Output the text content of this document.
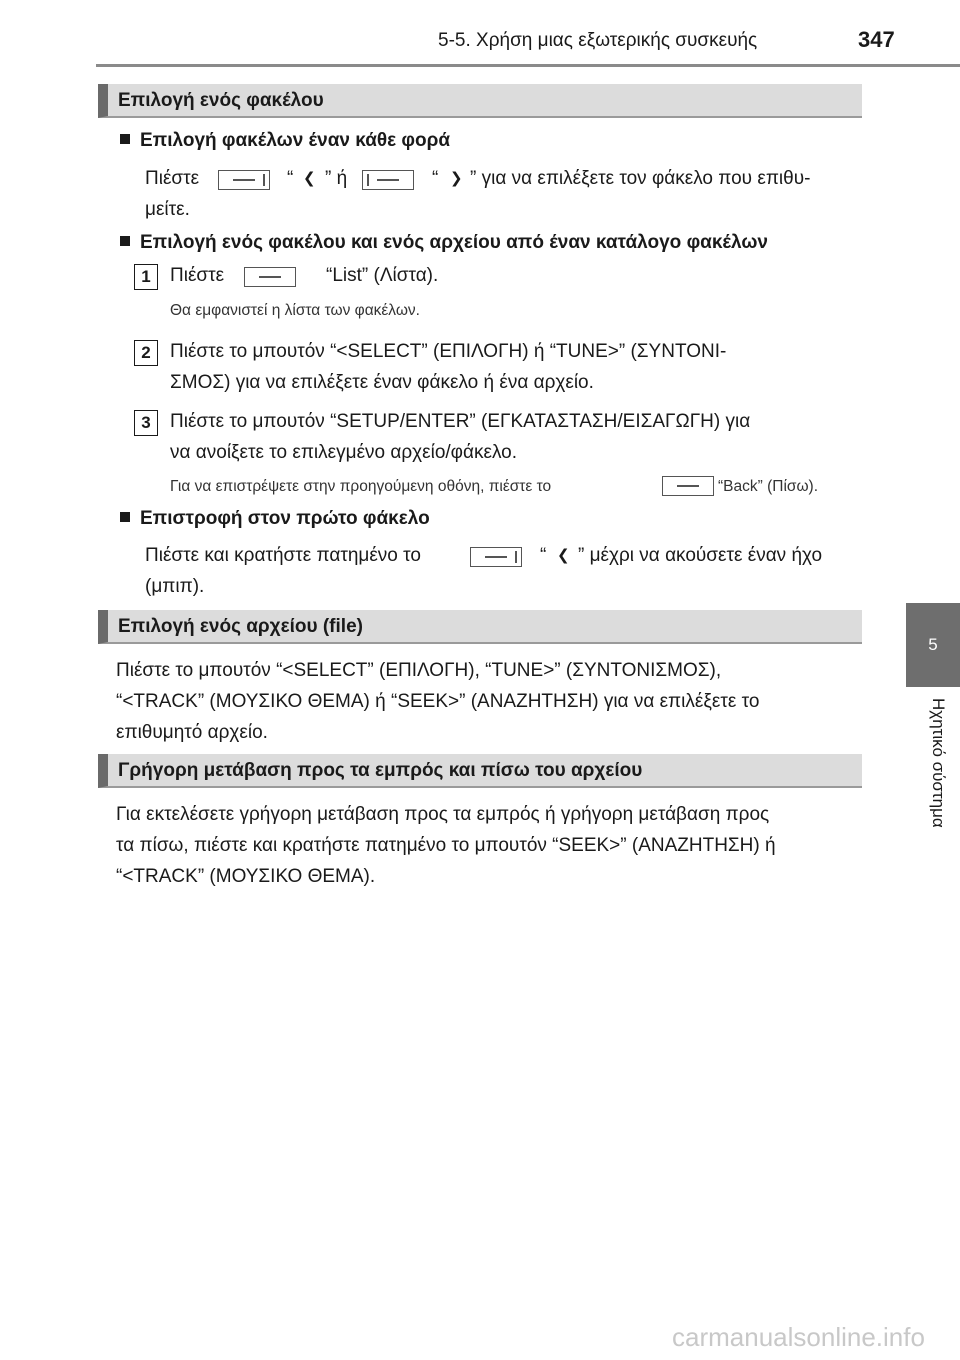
5-5. Χρήση μιας εξωτερικής συσκευής	347
5
Ηχητικό σύστημα
Επιλογή ενός φακέλου
Επιλογή φακέλων έναν κάθε φορά
Πιέστε	“ ❮ ” ή	“ ❯ ” για να επιλέξετε τον φάκελο που επιθυ-
μείτε.
Επιλογή ενός φακέλου και ενός αρχείου από έναν κατάλογο φακέλων
1	Πιέστε	“List” (Λίστα).
Θα εμφανιστεί η λίστα των φακέλων.
2	Πιέστε το μπουτόν “<SELECT” (ΕΠΙΛΟΓΗ) ή “TUNE>” (ΣΥΝΤΟΝΙ-
ΣΜΟΣ) για να επιλέξετε έναν φάκελο ή ένα αρχείο.
3	Πιέστε το μπουτόν “SETUP/ENTER” (ΕΓΚΑΤΑΣΤΑΣΗ/ΕΙΣΑΓΩΓΗ) για
να ανοίξετε το επιλεγμένο αρχείο/φάκελο.
Για να επιστρέψετε στην προηγούμενη οθόνη, πιέστε το	“Back” (Πίσω).
Επιστροφή στον πρώτο φάκελο
Πιέστε και κρατήστε πατημένο το	“ ❮ ” μέχρι να ακούσετε έναν ήχο
(μπιπ).
Επιλογή ενός αρχείου (file)
Πιέστε το μπουτόν “<SELECT” (ΕΠΙΛΟΓΗ), “TUNE>” (ΣΥΝΤΟΝΙΣΜΟΣ),
“<TRACK” (ΜΟΥΣΙΚΟ ΘΕΜΑ) ή “SEEK>” (ΑΝΑΖΗΤΗΣΗ) για να επιλέξετε το
επιθυμητό αρχείο.
Γρήγορη μετάβαση προς τα εμπρός και πίσω του αρχείου
Για εκτελέσετε γρήγορη μετάβαση προς τα εμπρός ή γρήγορη μετάβαση προς
τα πίσω, πιέστε και κρατήστε πατημένο το μπουτόν “SEEK>” (ΑΝΑΖΗΤΗΣΗ) ή
“<TRACK” (ΜΟΥΣΙΚΟ ΘΕΜΑ).
carmanualsonline.info
